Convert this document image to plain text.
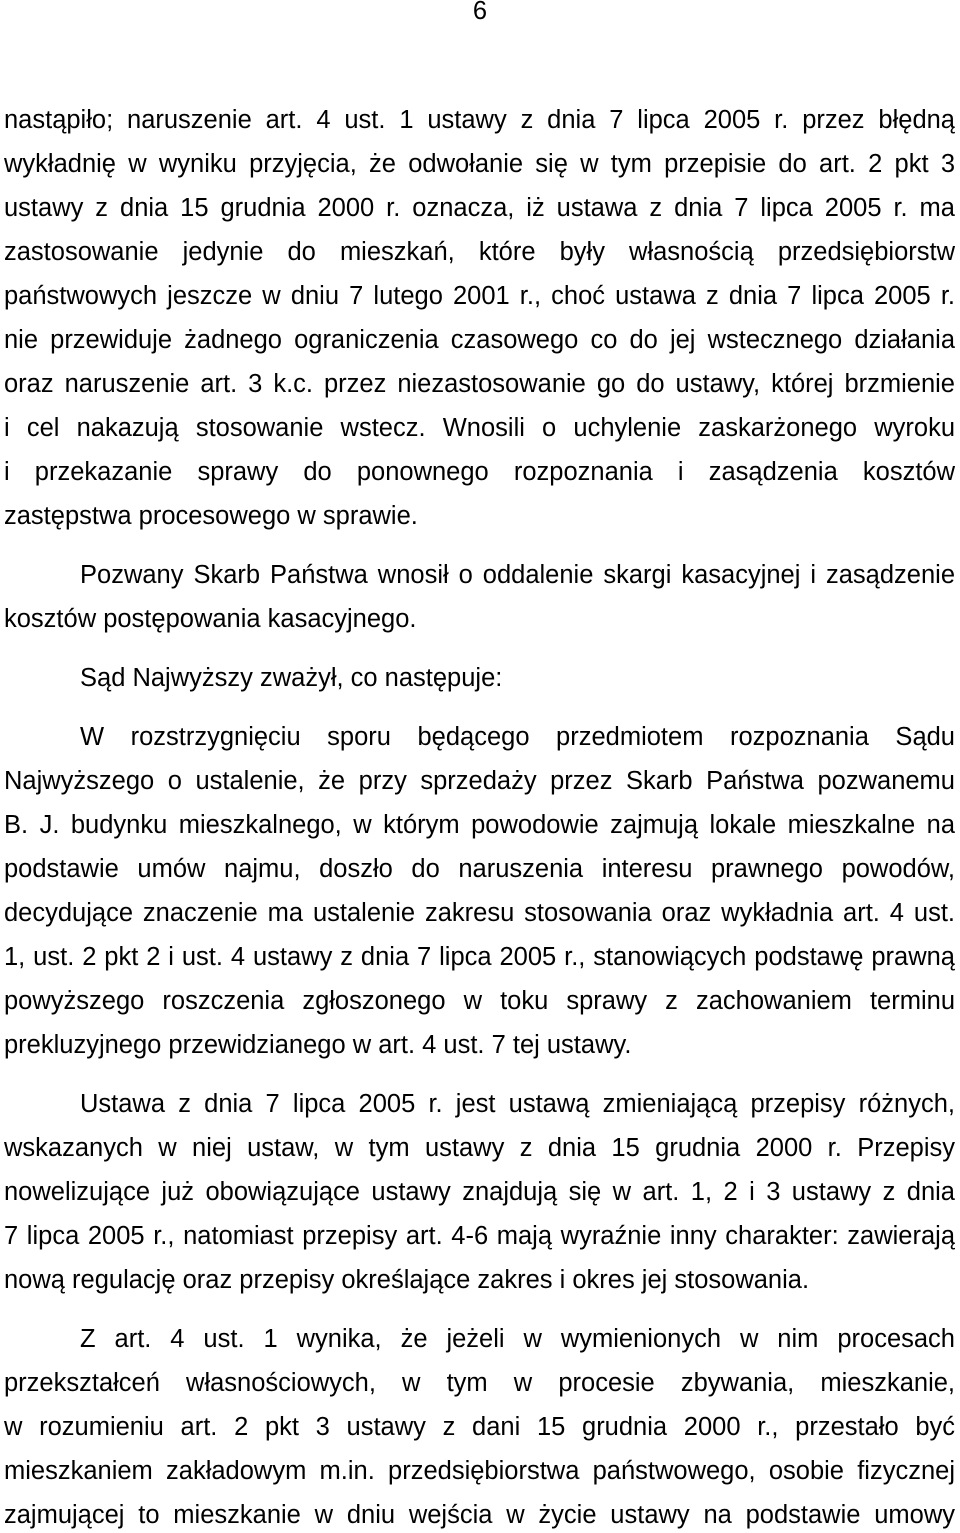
6
nastąpiło; naruszenie art. 4 ust. 1 ustawy z dnia 7 lipca 2005 r. przez błędną
wykładnię w wyniku przyjęcia, że odwołanie się w tym przepisie do art. 2 pkt 3
ustawy z dnia 15 grudnia 2000 r. oznacza, iż ustawa z dnia 7 lipca 2005 r. ma
zastosowanie jedynie do mieszkań, które były własnością przedsiębiorstw
państwowych jeszcze w dniu 7 lutego 2001 r., choć ustawa z dnia 7 lipca 2005 r.
nie przewiduje żadnego ograniczenia czasowego co do jej wstecznego działania
oraz naruszenie art. 3 k.c. przez niezastosowanie go do ustawy, której brzmienie
i cel nakazują stosowanie wstecz. Wnosili o uchylenie zaskarżonego wyroku
i przekazanie sprawy do ponownego rozpoznania i zasądzenia kosztów
zastępstwa procesowego w sprawie.
Pozwany Skarb Państwa wnosił o oddalenie skargi kasacyjnej i zasądzenie
kosztów postępowania kasacyjnego.
Sąd Najwyższy zważył, co następuje:
W rozstrzygnięciu sporu będącego przedmiotem rozpoznania Sądu
Najwyższego o ustalenie, że przy sprzedaży przez Skarb Państwa pozwanemu
B. J. budynku mieszkalnego, w którym powodowie zajmują lokale mieszkalne na
podstawie umów najmu, doszło do naruszenia interesu prawnego powodów,
decydujące znaczenie ma ustalenie zakresu stosowania oraz wykładnia art. 4 ust.
1, ust. 2 pkt 2 i ust. 4 ustawy z dnia 7 lipca 2005 r., stanowiących podstawę prawną
powyższego roszczenia zgłoszonego w toku sprawy z zachowaniem terminu
prekluzyjnego przewidzianego w art. 4 ust. 7 tej ustawy.
Ustawa z dnia 7 lipca 2005 r. jest ustawą zmieniającą przepisy różnych,
wskazanych w niej ustaw, w tym ustawy z dnia 15 grudnia 2000 r. Przepisy
nowelizujące już obowiązujące ustawy znajdują się w art. 1, 2 i 3 ustawy z dnia
7 lipca 2005 r., natomiast przepisy art. 4-6 mają wyraźnie inny charakter: zawierają
nową regulację oraz przepisy określające zakres i okres jej stosowania.
Z art. 4 ust. 1 wynika, że jeżeli w wymienionych w nim procesach
przekształceń własnościowych, w tym w procesie zbywania, mieszkanie,
w rozumieniu art. 2 pkt 3 ustawy z dani 15 grudnia 2000 r., przestało być
mieszkaniem zakładowym m.in. przedsiębiorstwa państwowego, osobie fizycznej
zajmującej to mieszkanie w dniu wejścia w życie ustawy na podstawie umowy
